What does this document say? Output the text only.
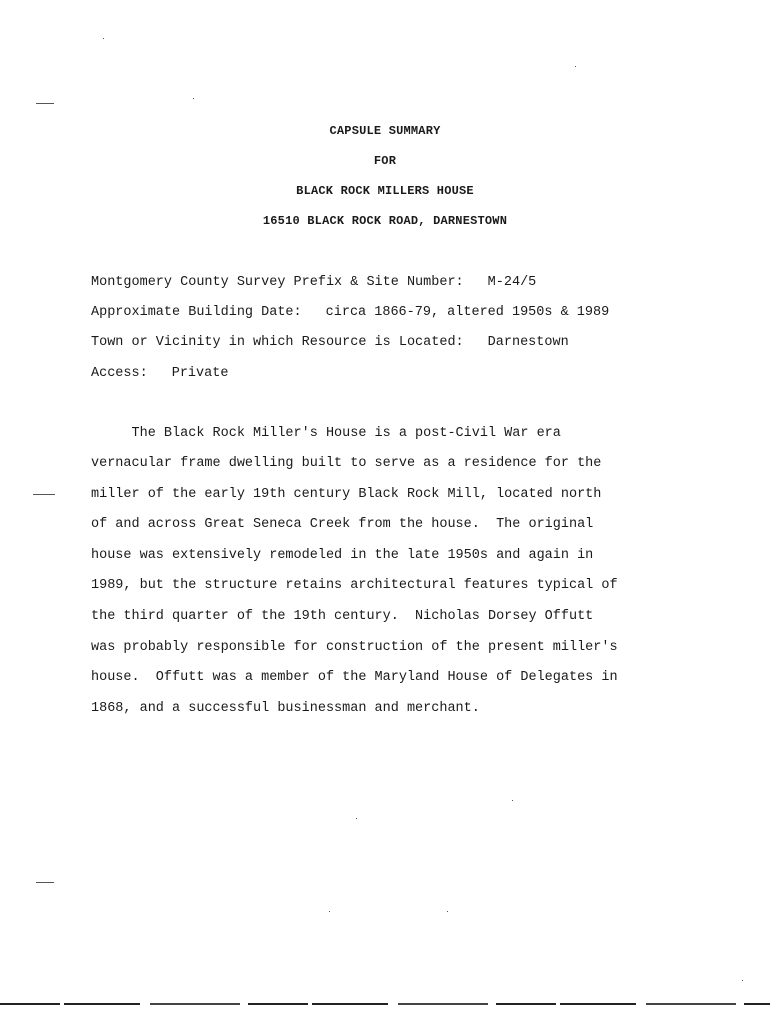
CAPSULE SUMMARY
FOR
BLACK ROCK MILLERS HOUSE
16510 BLACK ROCK ROAD, DARNESTOWN
Montgomery County Survey Prefix & Site Number: M-24/5
Approximate Building Date: circa 1866-79, altered 1950s & 1989
Town or Vicinity in which Resource is Located: Darnestown
Access: Private
The Black Rock Miller's House is a post-Civil War era
vernacular frame dwelling built to serve as a residence for the
miller of the early 19th century Black Rock Mill, located north
of and across Great Seneca Creek from the house.  The original
house was extensively remodeled in the late 1950s and again in
1989, but the structure retains architectural features typical of
the third quarter of the 19th century.  Nicholas Dorsey Offutt
was probably responsible for construction of the present miller's
house.  Offutt was a member of the Maryland House of Delegates in
1868, and a successful businessman and merchant.
